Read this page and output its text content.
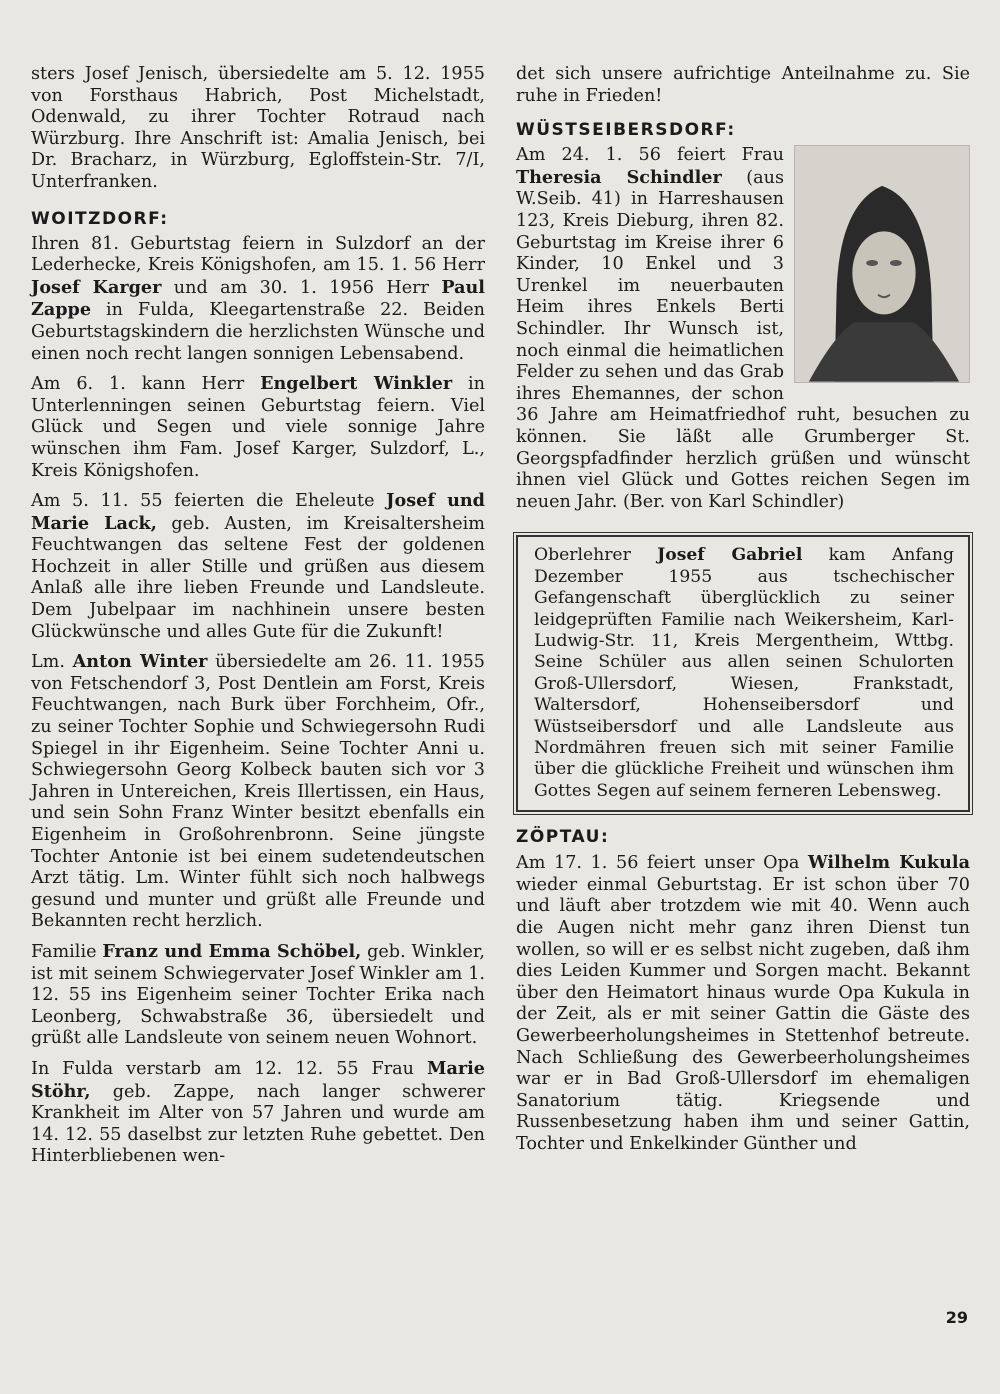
sters Josef Jenisch, übersiedelte am 5. 12. 1955 von Forsthaus Habrich, Post Michelstadt, Odenwald, zu ihrer Tochter Rotraud nach Würzburg. Ihre Anschrift ist: Amalia Jenisch, bei Dr. Bracharz, in Würzburg, Egloffstein-Str. 7/I, Unterfranken.

WOITZDORF:

Ihren 81. Geburtstag feiern in Sulzdorf an der Lederhecke, Kreis Königshofen, am 15. 1. 56 Herr Josef Karger und am 30. 1. 1956 Herr Paul Zappe in Fulda, Kleegartenstraße 22. Beiden Geburtstagskindern die herzlichsten Wünsche und einen noch recht langen sonnigen Lebensabend.

Am 6. 1. kann Herr Engelbert Winkler in Unterlenningen seinen Geburtstag feiern. Viel Glück und Segen und viele sonnige Jahre wünschen ihm Fam. Josef Karger, Sulzdorf, L., Kreis Königshofen.

Am 5. 11. 55 feierten die Eheleute Josef und Marie Lack, geb. Austen, im Kreisaltersheim Feuchtwangen das seltene Fest der goldenen Hochzeit in aller Stille und grüßen aus diesem Anlaß alle ihre lieben Freunde und Landsleute. Dem Jubelpaar im nachhinein unsere besten Glückwünsche und alles Gute für die Zukunft!

Lm. Anton Winter übersiedelte am 26. 11. 1955 von Fetschendorf 3, Post Dentlein am Forst, Kreis Feuchtwangen, nach Burk über Forchheim, Ofr., zu seiner Tochter Sophie und Schwiegersohn Rudi Spiegel in ihr Eigenheim. Seine Tochter Anni u. Schwiegersohn Georg Kolbeck bauten sich vor 3 Jahren in Untereichen, Kreis Illertissen, ein Haus, und sein Sohn Franz Winter besitzt ebenfalls ein Eigenheim in Großohrenbronn. Seine jüngste Tochter Antonie ist bei einem sudetendeutschen Arzt tätig. Lm. Winter fühlt sich noch halbwegs gesund und munter und grüßt alle Freunde und Bekannten recht herzlich.

Familie Franz und Emma Schöbel, geb. Winkler, ist mit seinem Schwiegervater Josef Winkler am 1. 12. 55 ins Eigenheim seiner Tochter Erika nach Leonberg, Schwabstraße 36, übersiedelt und grüßt alle Landsleute von seinem neuen Wohnort.

In Fulda verstarb am 12. 12. 55 Frau Marie Stöhr, geb. Zappe, nach langer schwerer Krankheit im Alter von 57 Jahren und wurde am 14. 12. 55 daselbst zur letzten Ruhe gebettet. Den Hinterbliebenen wen-

det sich unsere aufrichtige Anteilnahme zu. Sie ruhe in Frieden!

WÜSTSEIBERSDORF:

Am 24. 1. 56 feiert Frau Theresia Schindler (aus W.Seib. 41) in Harreshausen 123, Kreis Dieburg, ihren 82. Geburtstag im Kreise ihrer 6 Kinder, 10 Enkel und 3 Urenkel im neuerbauten Heim ihres Enkels Berti Schindler. Ihr Wunsch ist, noch einmal die heimatlichen Felder zu sehen und das Grab ihres Ehemannes, der schon 36 Jahre am Heimatfriedhof ruht, besuchen zu können. Sie läßt alle Grumberger St. Georgspfadfinder herzlich grüßen und wünscht ihnen viel Glück und Gottes reichen Segen im neuen Jahr. (Ber. von Karl Schindler)

Oberlehrer Josef Gabriel kam Anfang Dezember 1955 aus tschechischer Gefangenschaft überglücklich zu seiner leidgeprüften Familie nach Weikersheim, Karl-Ludwig-Str. 11, Kreis Mergentheim, Wttbg. Seine Schüler aus allen seinen Schulorten Groß-Ullersdorf, Wiesen, Frankstadt, Waltersdorf, Hohenseibersdorf und Wüstseibersdorf und alle Landsleute aus Nordmähren freuen sich mit seiner Familie über die glückliche Freiheit und wünschen ihm Gottes Segen auf seinem ferneren Lebensweg.

ZÖPTAU:

Am 17. 1. 56 feiert unser Opa Wilhelm Kukula wieder einmal Geburtstag. Er ist schon über 70 und läuft aber trotzdem wie mit 40. Wenn auch die Augen nicht mehr ganz ihren Dienst tun wollen, so will er es selbst nicht zugeben, daß ihm dies Leiden Kummer und Sorgen macht. Bekannt über den Heimatort hinaus wurde Opa Kukula in der Zeit, als er mit seiner Gattin die Gäste des Gewerbeerholungsheimes in Stettenhof betreute. Nach Schließung des Gewerbeerholungsheimes war er in Bad Groß-Ullersdorf im ehemaligen Sanatorium tätig. Kriegsende und Russenbesetzung haben ihm und seiner Gattin, Tochter und Enkelkinder Günther und

29
